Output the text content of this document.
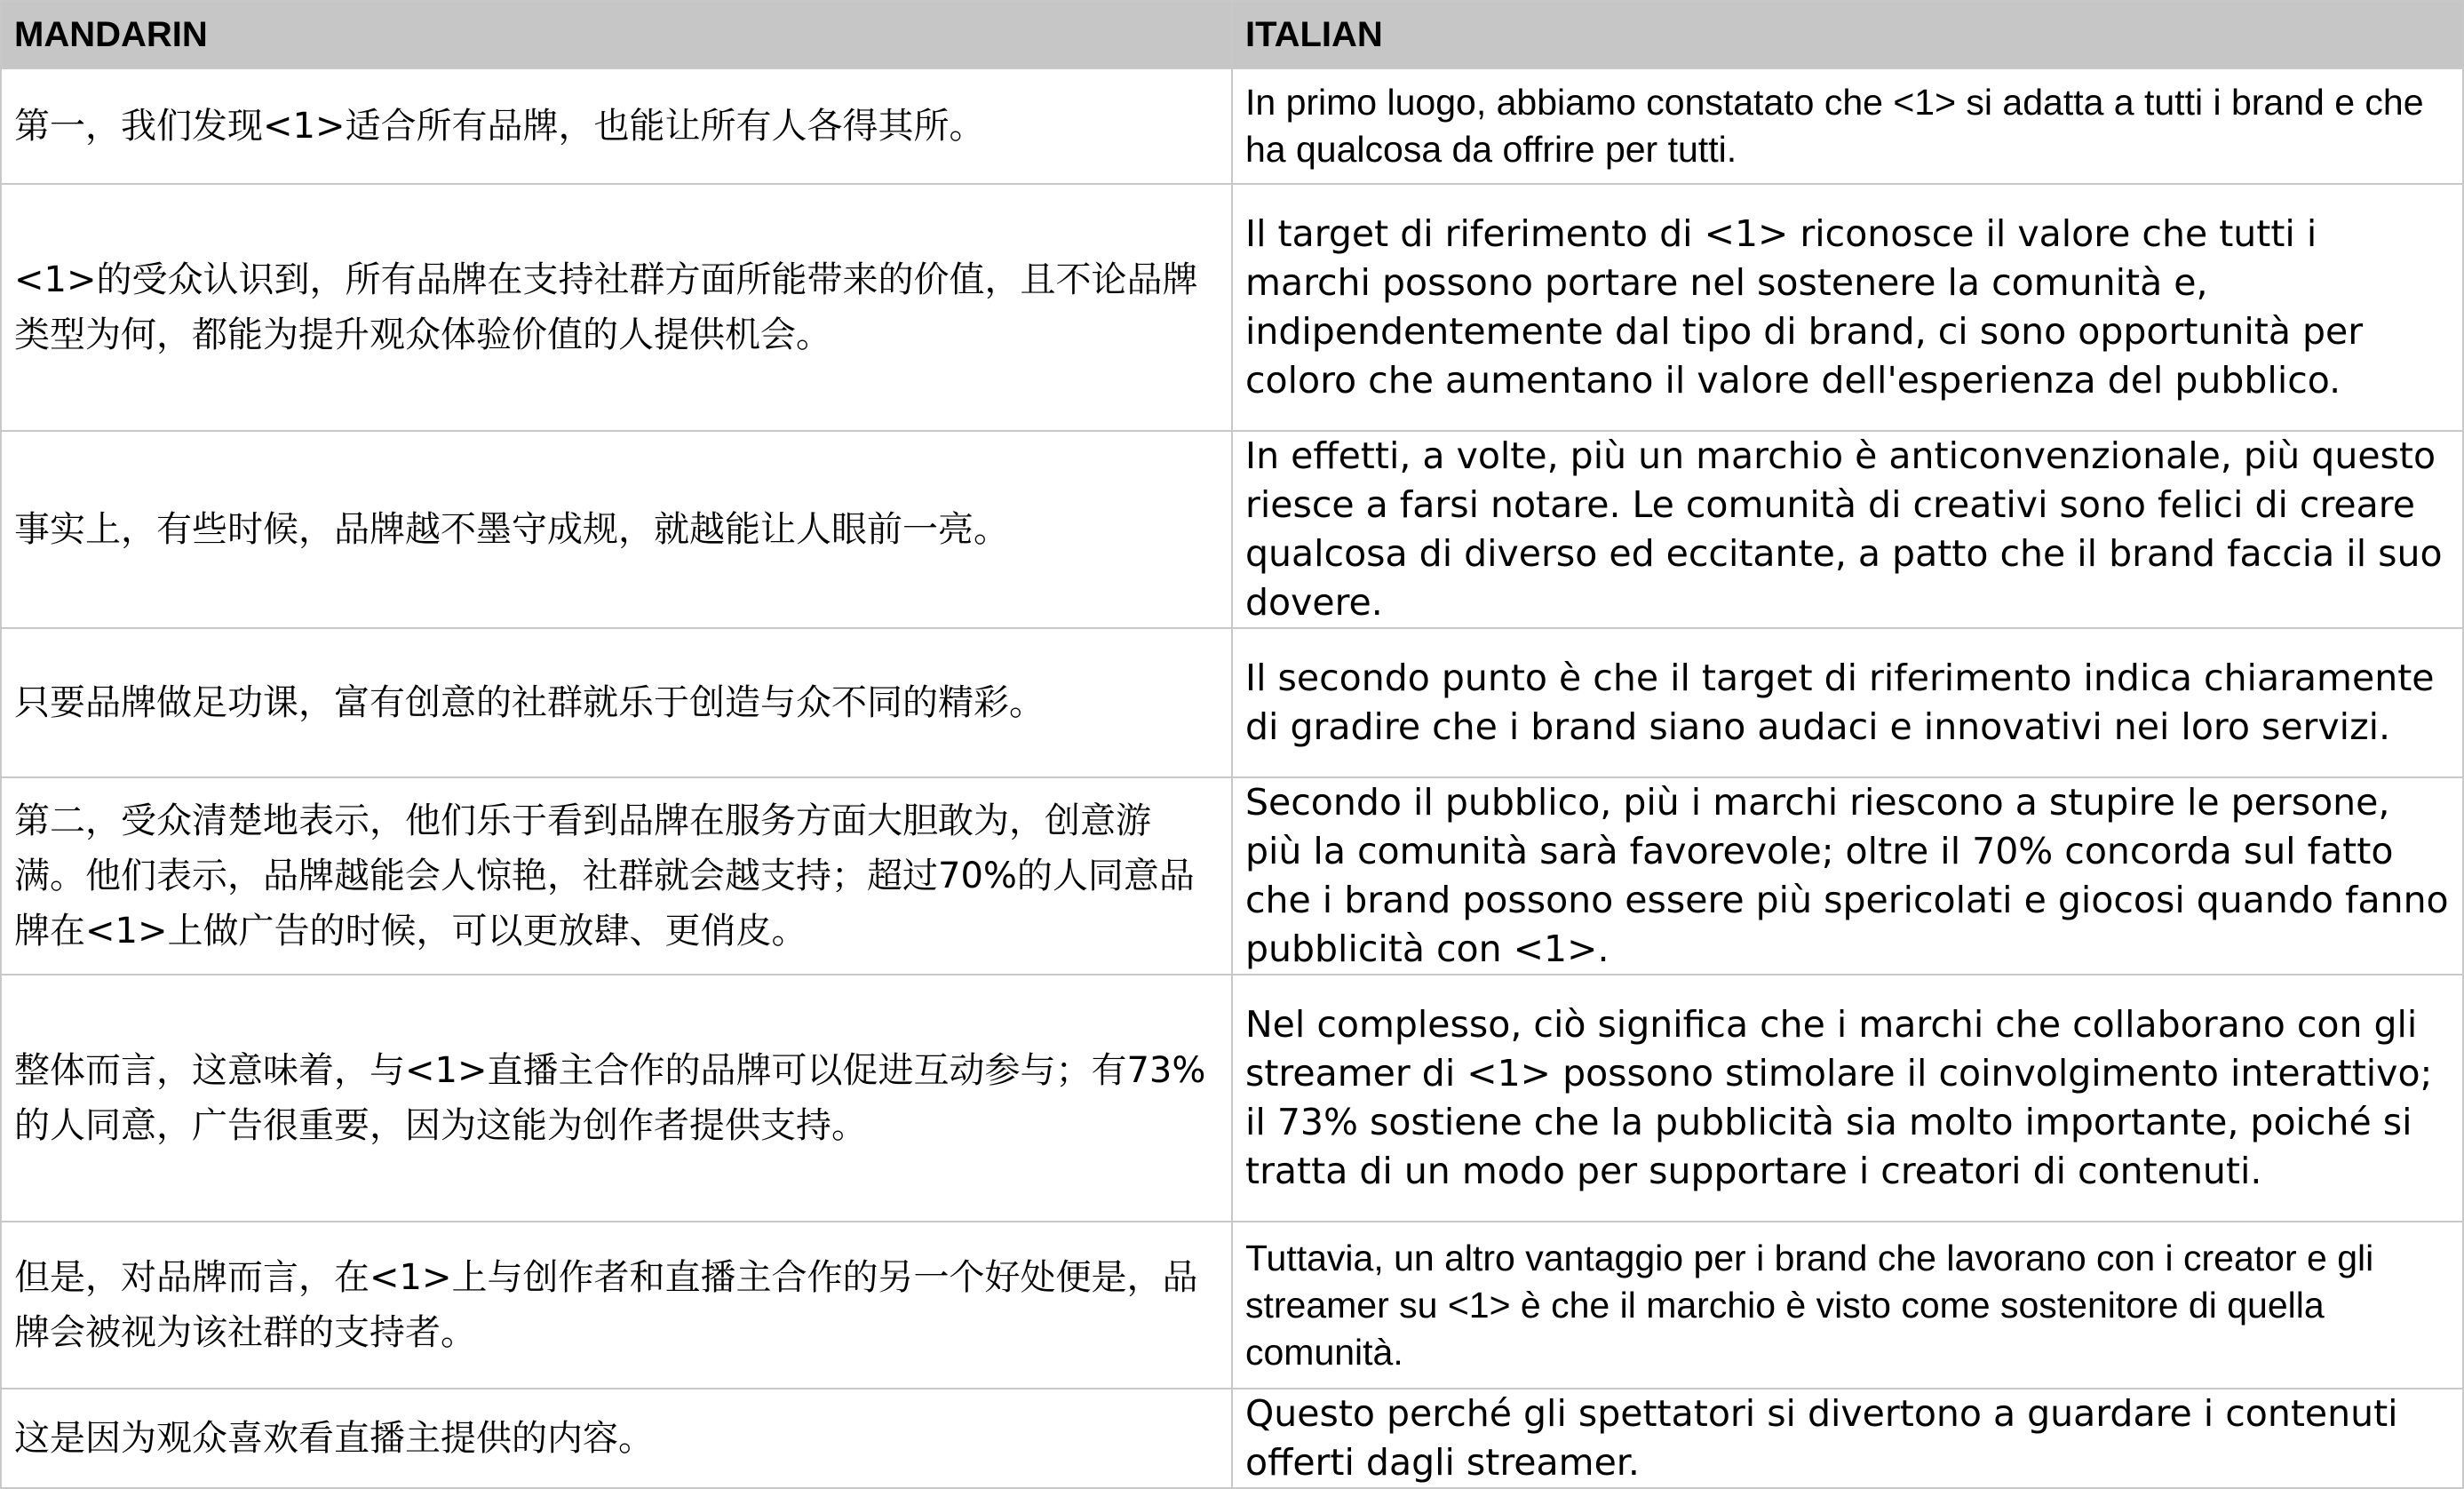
MANDARIN	ITALIAN
第一，我们发现<1>适合所有品牌，也能让所有人各得其所。	In primo luogo, abbiamo constatato che <1> si adatta a tutti i brand e che ha qualcosa da offrire per tutti.
<1>的受众认识到，所有品牌在支持社群方面所能带来的价值，且不论品牌类型为何，都能为提升观众体验价值的人提供机会。	Il target di riferimento di <1> riconosce il valore che tutti i marchi possono portare nel sostenere la comunità e, indipendentemente dal tipo di brand, ci sono opportunità per coloro che aumentano il valore dell'esperienza del pubblico.
事实上，有些时候，品牌越不墨守成规，就越能让人眼前一亮。	In effetti, a volte, più un marchio è anticonvenzionale, più questo riesce a farsi notare. Le comunità di creativi sono felici di creare qualcosa di diverso ed eccitante, a patto che il brand faccia il suo dovere.
只要品牌做足功课，富有创意的社群就乐于创造与众不同的精彩。	Il secondo punto è che il target di riferimento indica chiaramente di gradire che i brand siano audaci e innovativi nei loro servizi.
第二，受众清楚地表示，他们乐于看到品牌在服务方面大胆敢为，创意游满。他们表示，品牌越能会人惊艳，社群就会越支持；超过70%的人同意品牌在<1>上做广告的时候，可以更放肆、更俏皮。	Secondo il pubblico, più i marchi riescono a stupire le persone, più la comunità sarà favorevole; oltre il 70% concorda sul fatto che i brand possono essere più spericolati e giocosi quando fanno pubblicità con <1>.
整体而言，这意味着，与<1>直播主合作的品牌可以促进互动参与；有73% 的人同意，广告很重要，因为这能为创作者提供支持。	Nel complesso, ciò significa che i marchi che collaborano con gli streamer di <1> possono stimolare il coinvolgimento interattivo; il 73% sostiene che la pubblicità sia molto importante, poiché si tratta di un modo per supportare i creatori di contenuti.
但是，对品牌而言，在<1>上与创作者和直播主合作的另一个好处便是，品牌会被视为该社群的支持者。	Tuttavia, un altro vantaggio per i brand che lavorano con i creator e gli streamer su <1> è che il marchio è visto come sostenitore di quella comunità.
这是因为观众喜欢看直播主提供的内容。	Questo perché gli spettatori si divertono a guardare i contenuti offerti dagli streamer.
